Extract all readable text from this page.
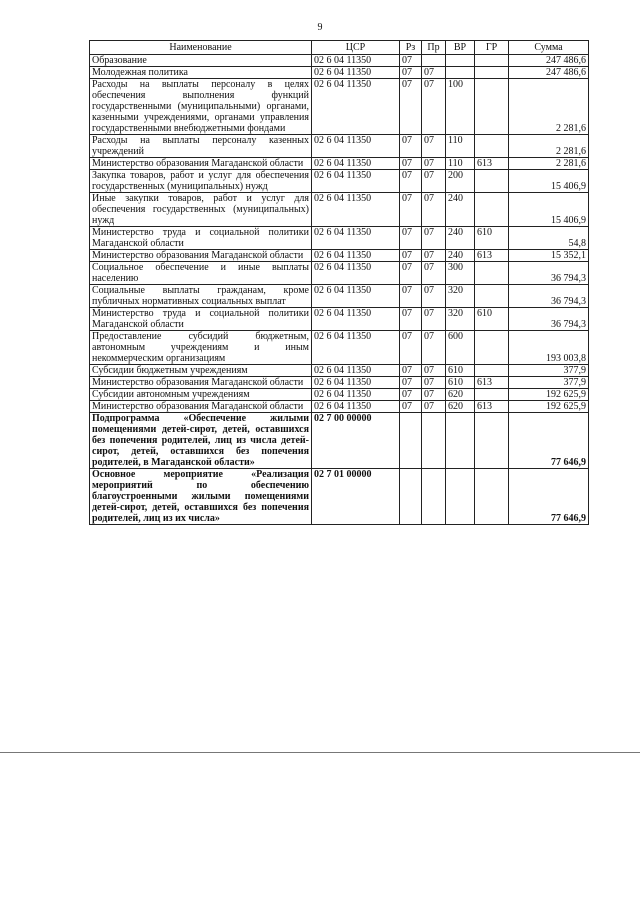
9
Наименование	ЦСР	Рз	Пр	ВР	ГР	Сумма
Образование	02 6 04 11350	07				247 486,6
Молодежная политика	02 6 04 11350	07	07			247 486,6
Расходы на выплаты персоналу в целях обеспечения выполнения функций государственными (муниципальными) органами, казенными учреждениями, органами управления государственными внебюджетными фондами	02 6 04 11350	07	07	100		2 281,6
Расходы на выплаты персоналу казенных учреждений	02 6 04 11350	07	07	110		2 281,6
Министерство образования Магаданской области	02 6 04 11350	07	07	110	613	2 281,6
Закупка товаров, работ и услуг для обеспечения государственных (муниципальных) нужд	02 6 04 11350	07	07	200		15 406,9
Иные закупки товаров, работ и услуг для обеспечения государственных (муниципальных) нужд	02 6 04 11350	07	07	240		15 406,9
Министерство труда и социальной политики Магаданской области	02 6 04 11350	07	07	240	610	54,8
Министерство образования Магаданской области	02 6 04 11350	07	07	240	613	15 352,1
Социальное обеспечение и иные выплаты населению	02 6 04 11350	07	07	300		36 794,3
Социальные выплаты гражданам, кроме публичных нормативных социальных выплат	02 6 04 11350	07	07	320		36 794,3
Министерство труда и социальной политики Магаданской области	02 6 04 11350	07	07	320	610	36 794,3
Предоставление субсидий бюджетным, автономным учреждениям и иным некоммерческим организациям	02 6 04 11350	07	07	600		193 003,8
Субсидии бюджетным учреждениям	02 6 04 11350	07	07	610		377,9
Министерство образования Магаданской области	02 6 04 11350	07	07	610	613	377,9
Субсидии автономным учреждениям	02 6 04 11350	07	07	620		192 625,9
Министерство образования Магаданской области	02 6 04 11350	07	07	620	613	192 625,9
Подпрограмма «Обеспечение жилыми помещениями детей-сирот, детей, оставшихся без попечения родителей, лиц из числа детей-сирот, детей, оставшихся без попечения родителей, в Магаданской области»	02 7 00 00000					77 646,9
Основное мероприятие «Реализация мероприятий по обеспечению благоустроенными жилыми помещениями детей-сирот, детей, оставшихся без попечения родителей, лиц из их числа»	02 7 01 00000					77 646,9
